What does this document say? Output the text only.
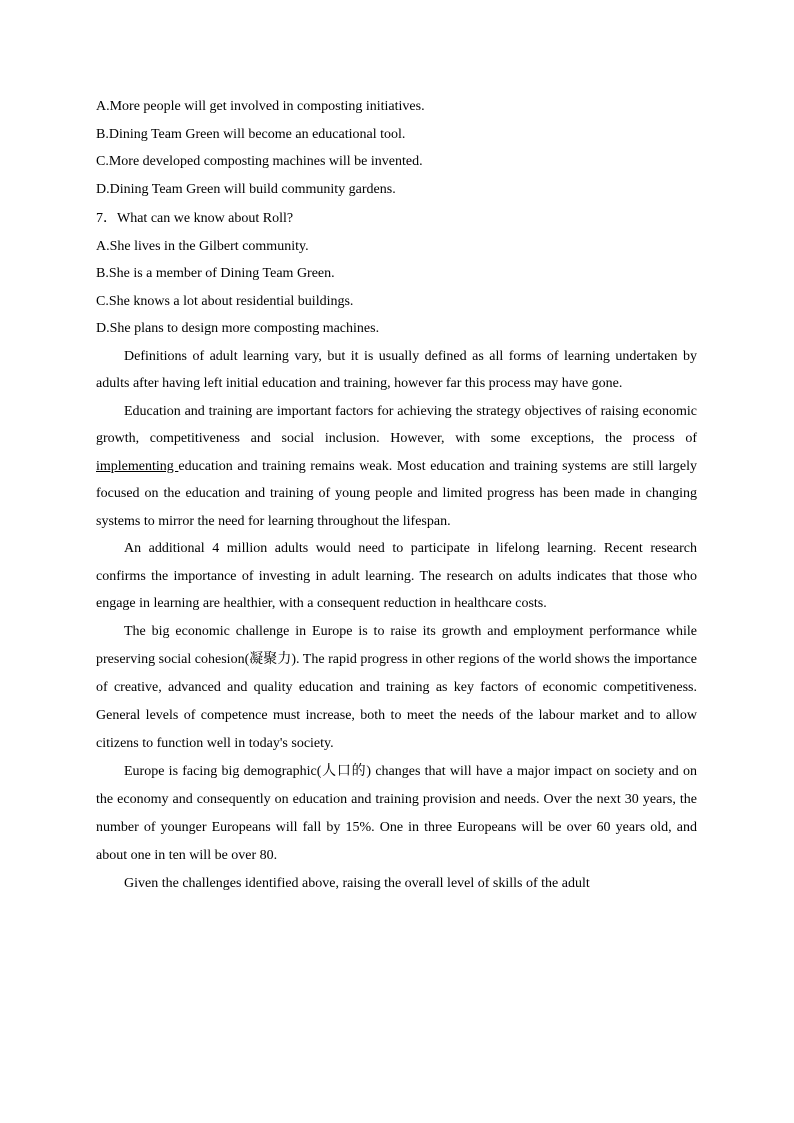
A.More people will get involved in composting initiatives.
B.Dining Team Green will become an educational tool.
C.More developed composting machines will be invented.
D.Dining Team Green will build community gardens.
7．What can we know about Roll?
A.She lives in the Gilbert community.
B.She is a member of Dining Team Green.
C.She knows a lot about residential buildings.
D.She plans to design more composting machines.

Definitions of adult learning vary, but it is usually defined as all forms of learning undertaken by adults after having left initial education and training, however far this process may have gone.

Education and training are important factors for achieving the strategy objectives of raising economic growth, competitiveness and social inclusion. However, with some exceptions, the process of implementing education and training remains weak. Most education and training systems are still largely focused on the education and training of young people and limited progress has been made in changing systems to mirror the need for learning throughout the lifespan.

An additional 4 million adults would need to participate in lifelong learning. Recent research confirms the importance of investing in adult learning. The research on adults indicates that those who engage in learning are healthier, with a consequent reduction in healthcare costs.

The big economic challenge in Europe is to raise its growth and employment performance while preserving social cohesion(凝聚力). The rapid progress in other regions of the world shows the importance of creative, advanced and quality education and training as key factors of economic competitiveness. General levels of competence must increase, both to meet the needs of the labour market and to allow citizens to function well in today's society.

Europe is facing big demographic(人口的) changes that will have a major impact on society and on the economy and consequently on education and training provision and needs. Over the next 30 years, the number of younger Europeans will fall by 15%. One in three Europeans will be over 60 years old, and about one in ten will be over 80.

Given the challenges identified above, raising the overall level of skills of the adult
